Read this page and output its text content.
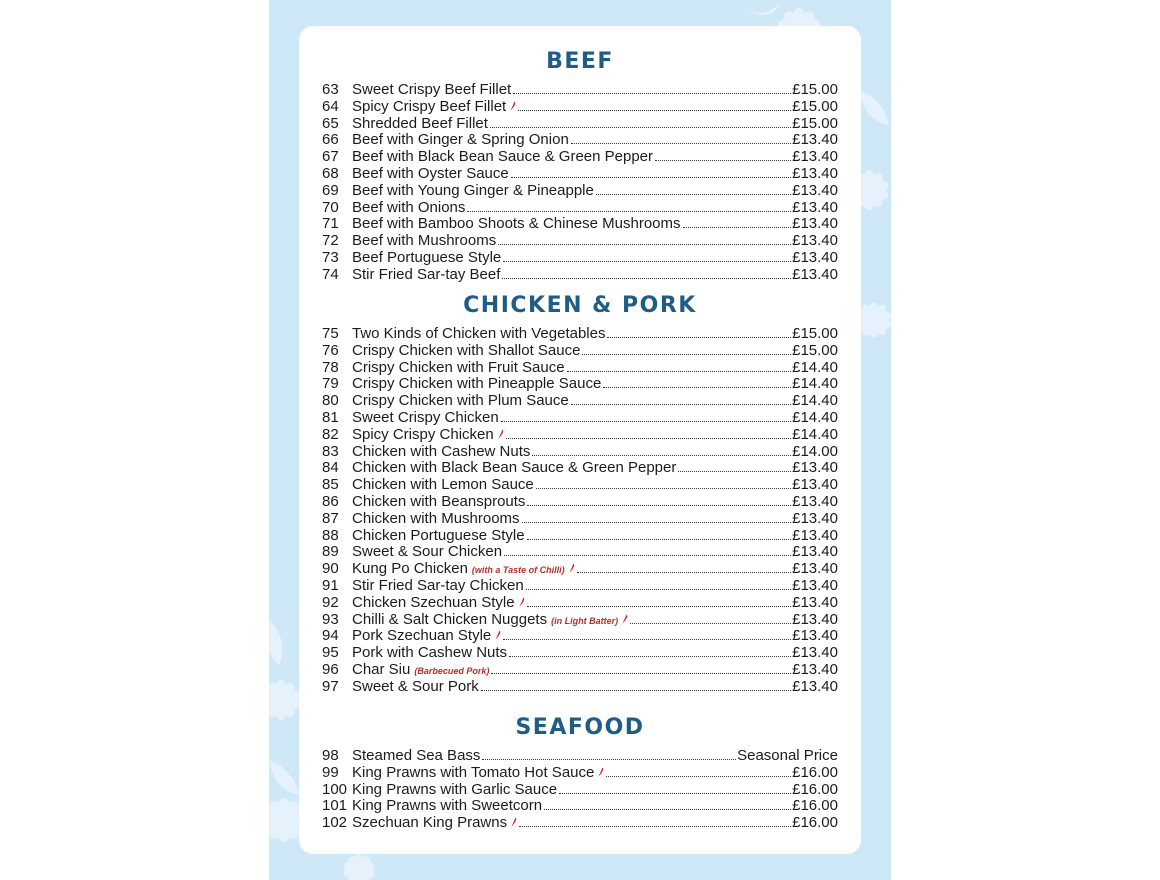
BEEF
63 Sweet Crispy Beef Fillet	£15.00
64 Spicy Crispy Beef Fillet	£15.00
65 Shredded Beef Fillet	£15.00
66 Beef with Ginger & Spring Onion	£13.40
67 Beef with Black Bean Sauce & Green Pepper	£13.40
68 Beef with Oyster Sauce	£13.40
69 Beef with Young Ginger & Pineapple	£13.40
70 Beef with Onions	£13.40
71 Beef with Bamboo Shoots & Chinese Mushrooms	£13.40
72 Beef with Mushrooms	£13.40
73 Beef Portuguese Style	£13.40
74 Stir Fried Sar-tay Beef	£13.40
CHICKEN & PORK
75 Two Kinds of Chicken with Vegetables	£15.00
76 Crispy Chicken with Shallot Sauce	£15.00
78 Crispy Chicken with Fruit Sauce	£14.40
79 Crispy Chicken with Pineapple Sauce	£14.40
80 Crispy Chicken with Plum Sauce	£14.40
81 Sweet Crispy Chicken	£14.40
82 Spicy Crispy Chicken	£14.40
83 Chicken with Cashew Nuts	£14.00
84 Chicken with Black Bean Sauce & Green Pepper	£13.40
85 Chicken with Lemon Sauce	£13.40
86 Chicken with Beansprouts	£13.40
87 Chicken with Mushrooms	£13.40
88 Chicken Portuguese Style	£13.40
89 Sweet & Sour Chicken	£13.40
90 Kung Po Chicken (with a Taste of Chilli)	£13.40
91 Stir Fried Sar-tay Chicken	£13.40
92 Chicken Szechuan Style	£13.40
93 Chilli & Salt Chicken Nuggets (in Light Batter)	£13.40
94 Pork Szechuan Style	£13.40
95 Pork with Cashew Nuts	£13.40
96 Char Siu (Barbecued Pork)	£13.40
97 Sweet & Sour Pork	£13.40
SEAFOOD
98 Steamed Sea Bass	Seasonal Price
99 King Prawns with Tomato Hot Sauce	£16.00
100 King Prawns with Garlic Sauce	£16.00
101 King Prawns with Sweetcorn	£16.00
102 Szechuan King Prawns	£16.00
